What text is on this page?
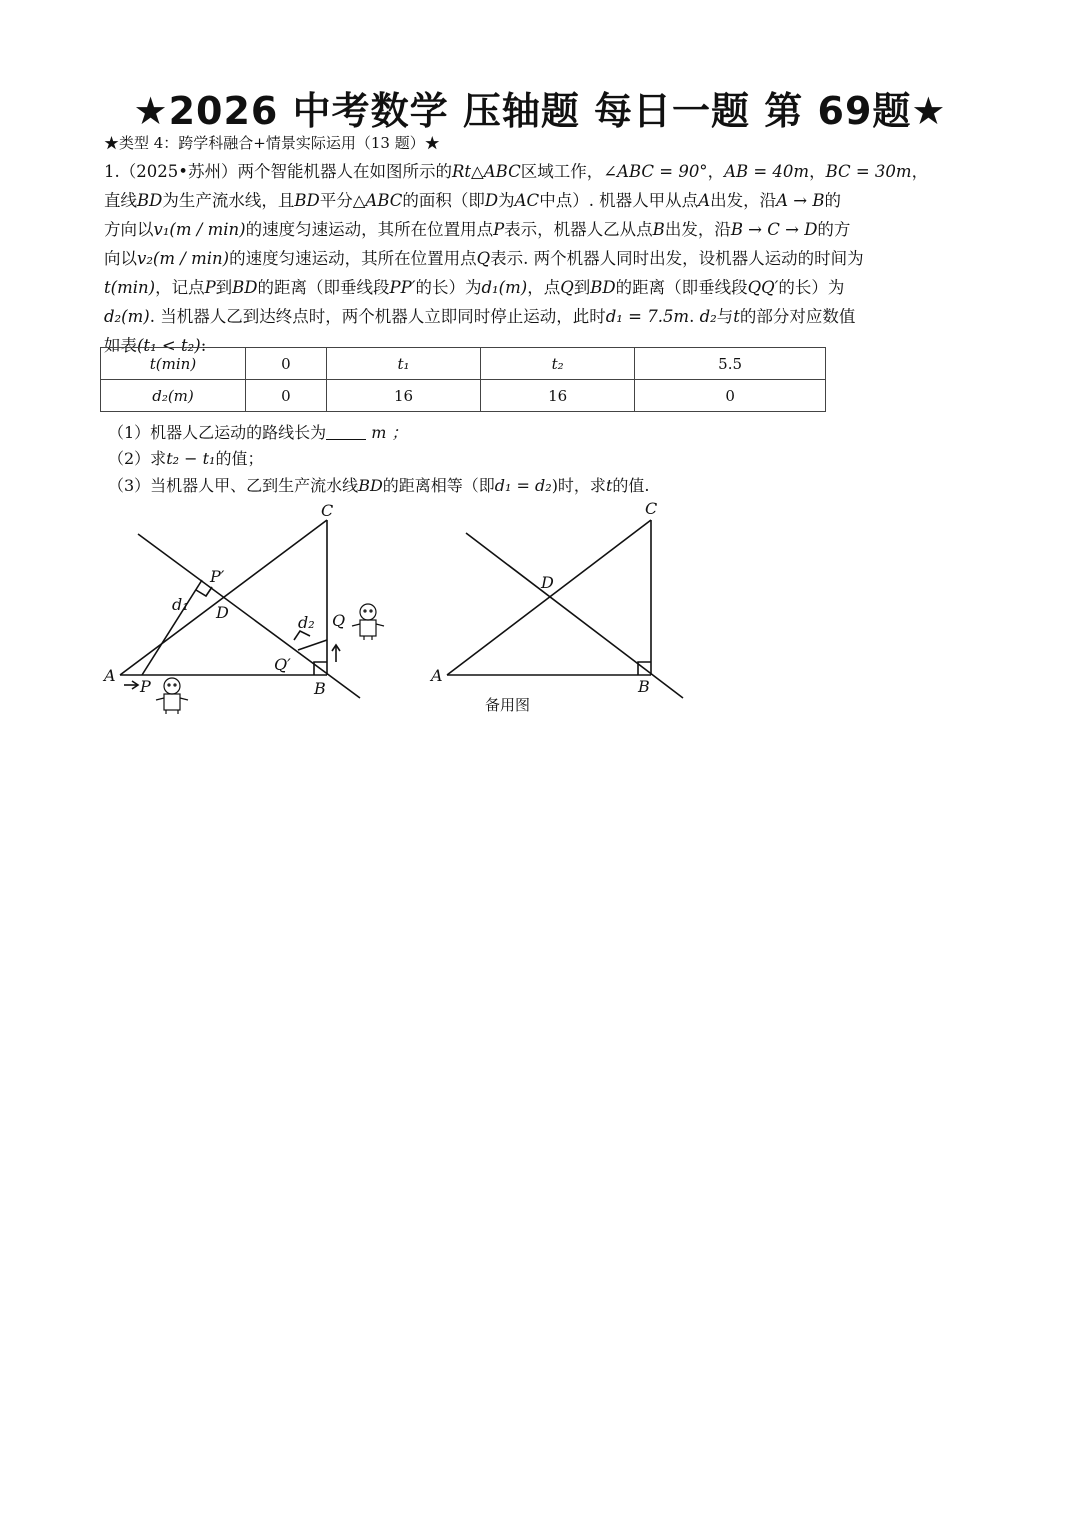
★2026 中考数学 压轴题 每日一题 第 69题★
★类型 4：跨学科融合+情景实际运用（13 题）★

1.（2025•苏州）两个智能机器人在如图所示的Rt△ABC区域工作，∠ABC = 90°，AB = 40m，BC = 30m，

直线BD为生产流水线，且BD平分△ABC的面积（即D为AC中点）. 机器人甲从点A出发，沿A → B的

方向以v₁(m / min)的速度匀速运动，其所在位置用点P表示，机器人乙从点B出发，沿B → C → D的方

向以v₂(m / min)的速度匀速运动，其所在位置用点Q表示. 两个机器人同时出发，设机器人运动的时间为

t(min)，记点P到BD的距离（即垂线段PP′的长）为d₁(m)，点Q到BD的距离（即垂线段QQ′的长）为

d₂(m). 当机器人乙到达终点时，两个机器人立即同时停止运动，此时d₁ = 7.5m. d₂与t的部分对应数值

如表(t₁ < t₂):

t(min)	0	t₁	t₂	5.5
d₂(m)	0	16	16	0
（1）机器人乙运动的路线长为	m ；
（2）求t₂ − t₁的值；
（3）当机器人甲、乙到生产流水线BD的距离相等（即d₁ = d₂)时，求t的值.
A
B
C
D
P
P′
Q
Q′
d₁
d₂
A
B
C
D
备用图
